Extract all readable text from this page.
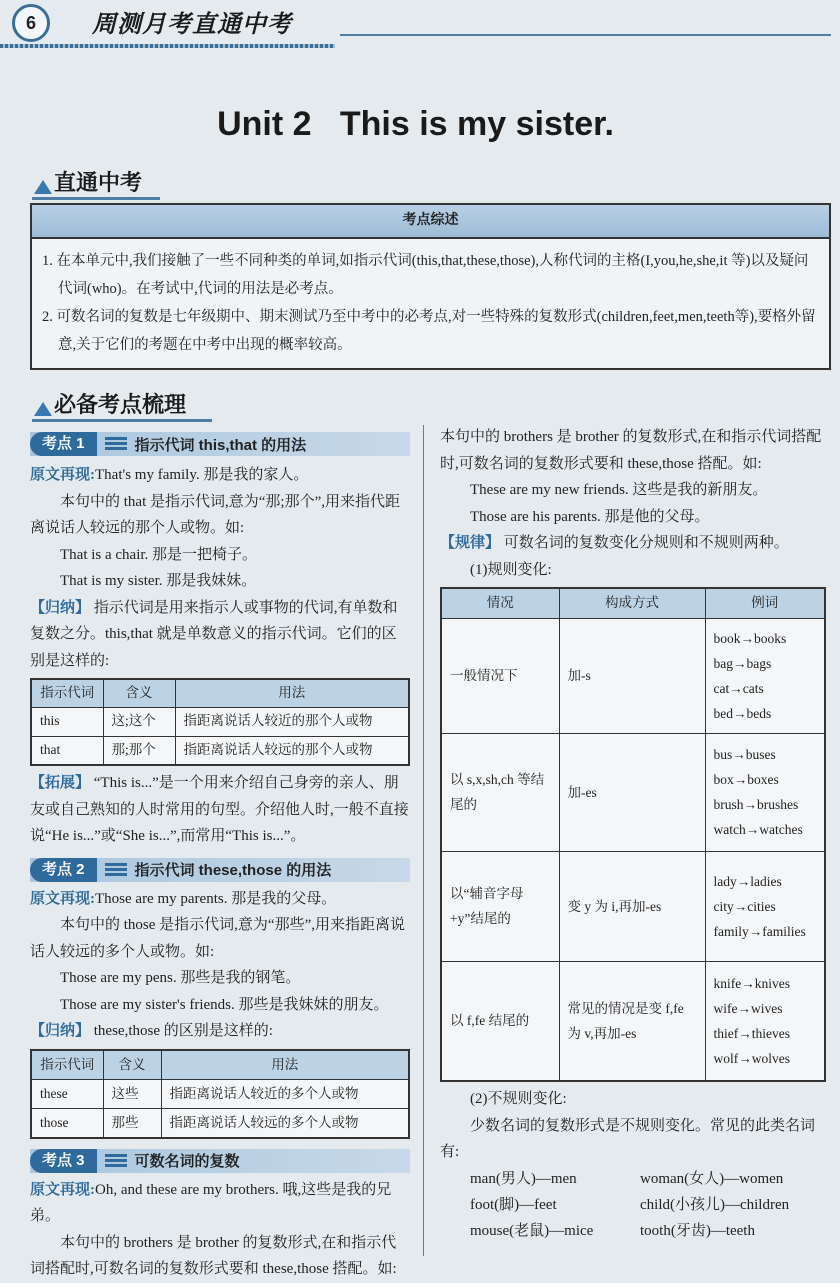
6 周测月考直通中考
Unit 2   This is my sister.
直通中考
考点综述

1. 在本单元中,我们接触了一些不同种类的单词,如指示代词(this,that,these,those),人称代词的主格(I,you,he,she,it 等)以及疑问代词(who)。在考试中,代词的用法是必考点。

2. 可数名词的复数是七年级期中、期末测试乃至中考中的必考点,对一些特殊的复数形式(children,feet,men,teeth等),要格外留意,关于它们的考题在中考中出现的概率较高。

必备考点梳理
考点 1	指示代词 this,that 的用法

原文再现:That's my family. 那是我的家人。

本句中的 that 是指示代词,意为“那;那个”,用来指代距离说话人较远的那个人或物。如:

That is a chair. 那是一把椅子。

That is my sister. 那是我妹妹。

【归纳】 指示代词是用来指示人或事物的代词,有单数和复数之分。this,that 就是单数意义的指示代词。它们的区别是这样的:

指示代词	含义	用法
this	这;这个	指距离说话人较近的那个人或物
that	那;那个	指距离说话人较远的那个人或物

【拓展】 “This is...”是一个用来介绍自己身旁的亲人、朋友或自己熟知的人时常用的句型。介绍他人时,一般不直接说“He is...”或“She is...”,而常用“This is...”。

考点 2	指示代词 these,those 的用法

原文再现:Those are my parents. 那是我的父母。

本句中的 those 是指示代词,意为“那些”,用来指距离说话人较远的多个人或物。如:

Those are my pens. 那些是我的钢笔。

Those are my sister's friends. 那些是我妹妹的朋友。

【归纳】 these,those 的区别是这样的:

指示代词	含义	用法
these	这些	指距离说话人较近的多个人或物
those	那些	指距离说话人较远的多个人或物
考点 3	可数名词的复数

原文再现:Oh, and these are my brothers. 哦,这些是我的兄弟。

本句中的 brothers 是 brother 的复数形式,在和指示代词搭配时,可数名词的复数形式要和 these,those 搭配。如:

本句中的 brothers 是 brother 的复数形式,在和指示代词搭配时,可数名词的复数形式要和 these,those 搭配。如:

These are my new friends. 这些是我的新朋友。

Those are his parents. 那是他的父母。

【规律】 可数名词的复数变化分规则和不规则两种。

(1)规则变化:

情况	构成方式	例词
一般情况下	加-s	book→books
bag→bags
cat→cats
bed→beds

以 s,x,sh,ch 等结尾的	加-es	bus→buses
box→boxes
brush→brushes
watch→watches

以“辅音字母+y”结尾的	变 y 为 i,再加-es	lady→ladies
city→cities
family→families

以 f,fe 结尾的	常见的情况是变 f,fe 为 v,再加-es	knife→knives
wife→wives
thief→thieves
wolf→wolves

(2)不规则变化:

少数名词的复数形式是不规则变化。常见的此类名词有:

man(男人)—men	woman(女人)—women
foot(脚)—feet	child(小孩儿)—children
mouse(老鼠)—mice	tooth(牙齿)—teeth
